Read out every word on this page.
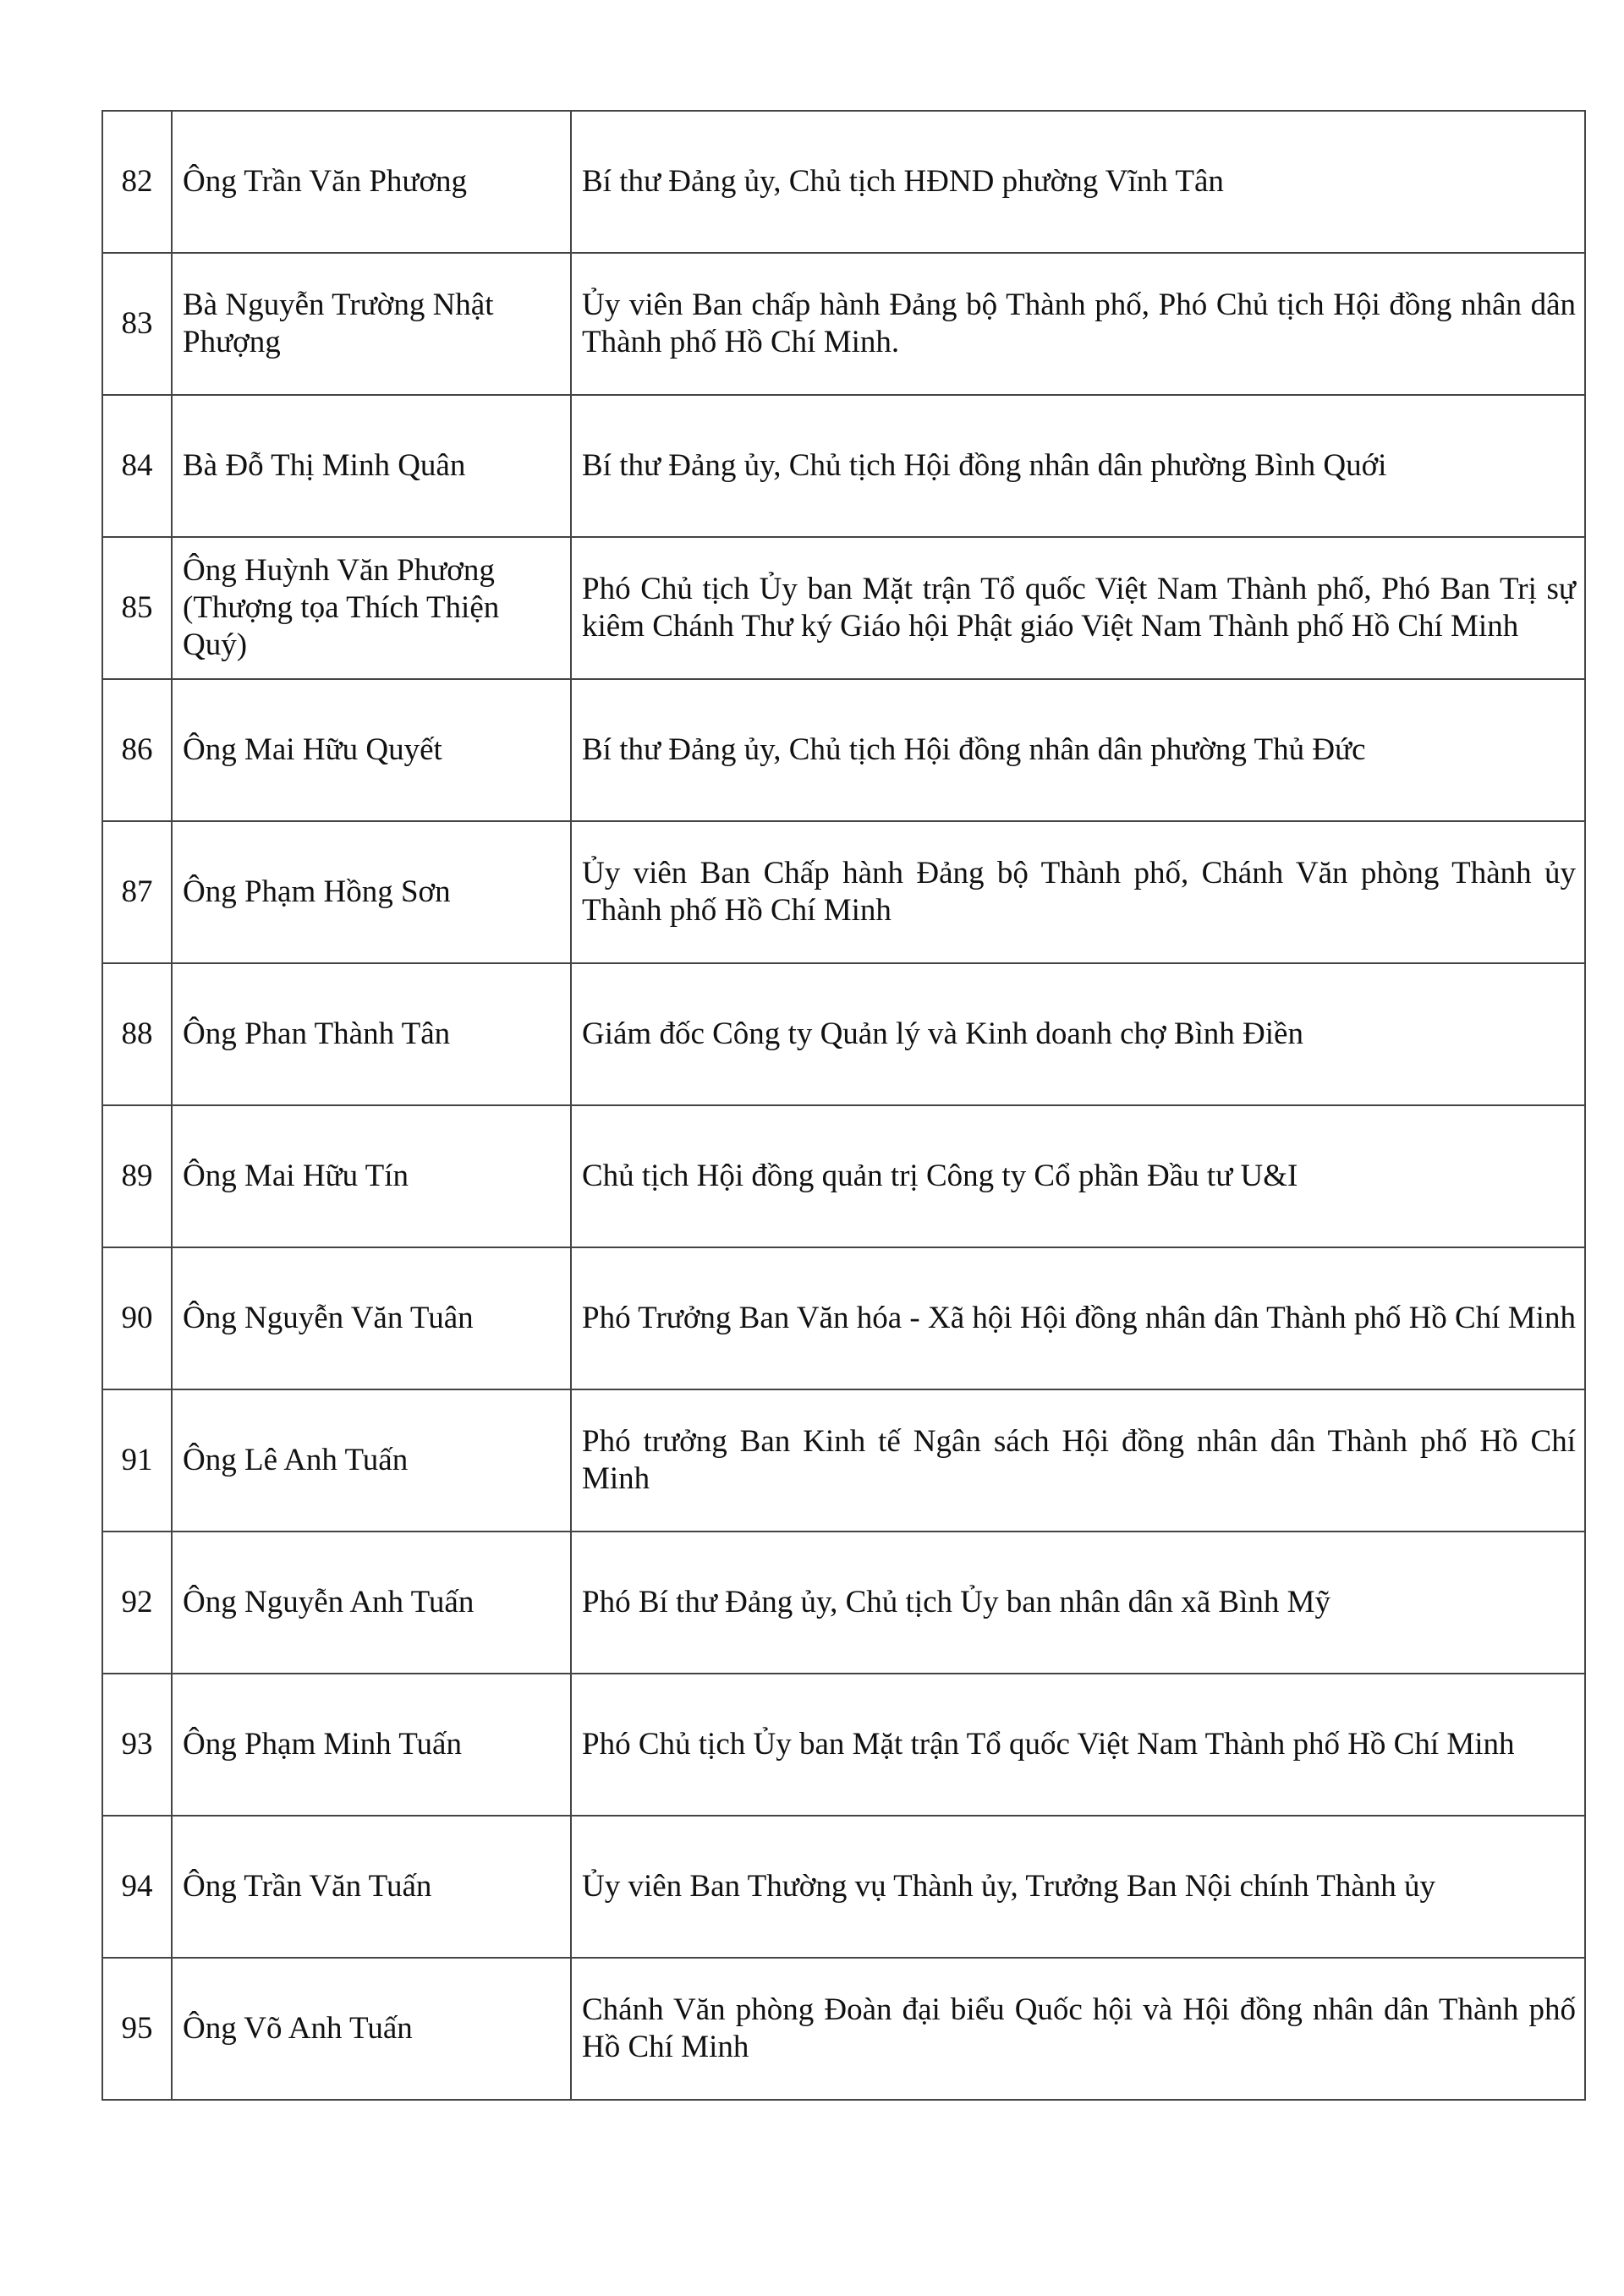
82	Ông Trần Văn Phương	Bí thư Đảng ủy, Chủ tịch HĐND phường Vĩnh Tân
83	Bà Nguyễn Trường Nhật Phượng	Ủy viên Ban chấp hành Đảng bộ Thành phố, Phó Chủ tịch Hội đồng nhân dân Thành phố Hồ Chí Minh.
84	Bà Đỗ Thị Minh Quân	Bí thư Đảng ủy, Chủ tịch Hội đồng nhân dân phường Bình Quới
85	Ông Huỳnh Văn Phương (Thượng tọa Thích Thiện Quý)	Phó Chủ tịch Ủy ban Mặt trận Tổ quốc Việt Nam Thành phố, Phó Ban Trị sự kiêm Chánh Thư ký Giáo hội Phật giáo Việt Nam Thành phố Hồ Chí Minh
86	Ông Mai Hữu Quyết	Bí thư Đảng ủy, Chủ tịch Hội đồng nhân dân phường Thủ Đức
87	Ông Phạm Hồng Sơn	Ủy viên Ban Chấp hành Đảng bộ Thành phố, Chánh Văn phòng Thành ủy Thành phố Hồ Chí Minh
88	Ông Phan Thành Tân	Giám đốc Công ty Quản lý và Kinh doanh chợ Bình Điền
89	Ông Mai Hữu Tín	Chủ tịch Hội đồng quản trị Công ty Cổ phần Đầu tư U&I
90	Ông Nguyễn Văn Tuân	Phó Trưởng Ban Văn hóa - Xã hội Hội đồng nhân dân Thành phố Hồ Chí Minh
91	Ông Lê Anh Tuấn	Phó trưởng Ban Kinh tế Ngân sách Hội đồng nhân dân Thành phố Hồ Chí Minh
92	Ông Nguyễn Anh Tuấn	Phó Bí thư Đảng ủy, Chủ tịch Ủy ban nhân dân xã Bình Mỹ
93	Ông Phạm Minh Tuấn	Phó Chủ tịch Ủy ban Mặt trận Tổ quốc Việt Nam Thành phố Hồ Chí Minh
94	Ông Trần Văn Tuấn	Ủy viên Ban Thường vụ Thành ủy, Trưởng Ban Nội chính Thành ủy
95	Ông Võ Anh Tuấn	Chánh Văn phòng Đoàn đại biểu Quốc hội và Hội đồng nhân dân Thành phố Hồ Chí Minh
